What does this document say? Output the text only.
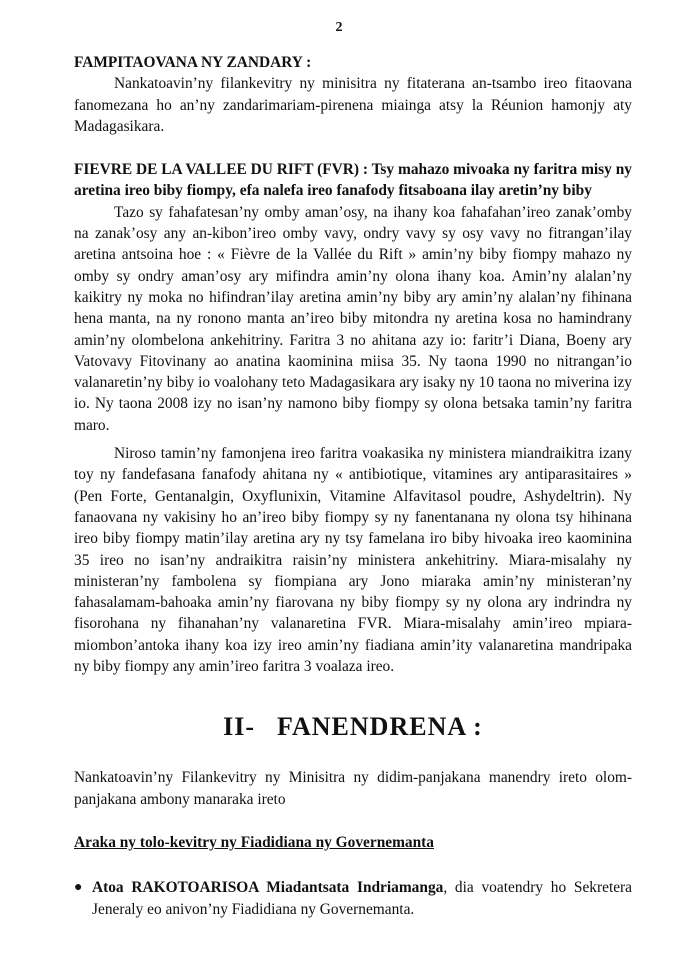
2

FAMPITAOVANA NY ZANDARY :

Nankatoavin’ny filankevitry ny minisitra ny fitaterana an-tsambo ireo fitaovana fanomezana ho an’ny zandarimariam-pirenena miainga atsy la Réunion hamonjy aty Madagasikara.

FIEVRE DE LA VALLEE DU RIFT (FVR) : Tsy mahazo mivoaka ny faritra misy ny aretina ireo biby fiompy, efa nalefa ireo fanafody fitsaboana ilay aretin’ny biby

Tazo sy fahafatesan’ny omby aman’osy, na ihany koa fahafahan’ireo zanak’omby na zanak’osy any an-kibon’ireo omby vavy, ondry vavy sy osy vavy no fitrangan’ilay aretina antsoina hoe : « Fièvre de la Vallée du Rift » amin’ny biby fiompy mahazo ny omby sy ondry aman’osy ary mifindra amin’ny olona ihany koa. Amin’ny alalan’ny kaikitry ny moka no hifindran’ilay aretina amin’ny biby ary amin’ny alalan’ny fihinana hena manta, na ny ronono manta an’ireo biby mitondra ny aretina kosa no hamindrany amin’ny olombelona ankehitriny. Faritra 3 no ahitana azy io: faritr’i Diana, Boeny ary Vatovavy Fitovinany ao anatina kaominina miisa 35. Ny taona 1990 no nitrangan’io valanaretin’ny biby io voalohany teto Madagasikara ary isaky ny 10 taona no miverina izy io. Ny taona 2008 izy no isan’ny namono biby fiompy sy olona betsaka tamin’ny faritra maro.

Niroso tamin’ny famonjena ireo faritra voakasika ny ministera miandraikitra izany toy ny fandefasana fanafody ahitana ny « antibiotique, vitamines ary antiparasitaires » (Pen Forte, Gentanalgin, Oxyflunixin, Vitamine Alfavitasol poudre, Ashydeltrin). Ny fanaovana ny vakisiny ho an’ireo biby fiompy sy ny fanentanana ny olona tsy hihinana ireo biby fiompy matin’ilay aretina ary ny tsy famelana iro biby hivoaka ireo kaominina 35 ireo no isan’ny andraikitra raisin’ny ministera ankehitriny. Miara-misalahy ny ministeran’ny fambolena sy fiompiana ary Jono miaraka amin’ny ministeran’ny fahasalamam-bahoaka amin’ny fiarovana ny biby fiompy sy ny olona ary indrindra ny fisorohana ny fihanahan’ny valanaretina FVR. Miara-misalahy amin’ireo mpiara-miombon’antoka ihany koa izy ireo amin’ny fiadiana amin’ity valanaretina mandripaka ny biby fiompy any amin’ireo faritra 3 voalaza ireo.

II- FANENDRENA :

Nankatoavin’ny Filankevitry ny Minisitra ny didim-panjakana manendry ireto olom-panjakana ambony manaraka ireto

Araka ny tolo-kevitry ny Fiadidiana ny Governemanta

● Atoa RAKOTOARISOA Miadantsata Indriamanga, dia voatendry ho Sekretera Jeneraly eo anivon’ny Fiadidiana ny Governemanta.
